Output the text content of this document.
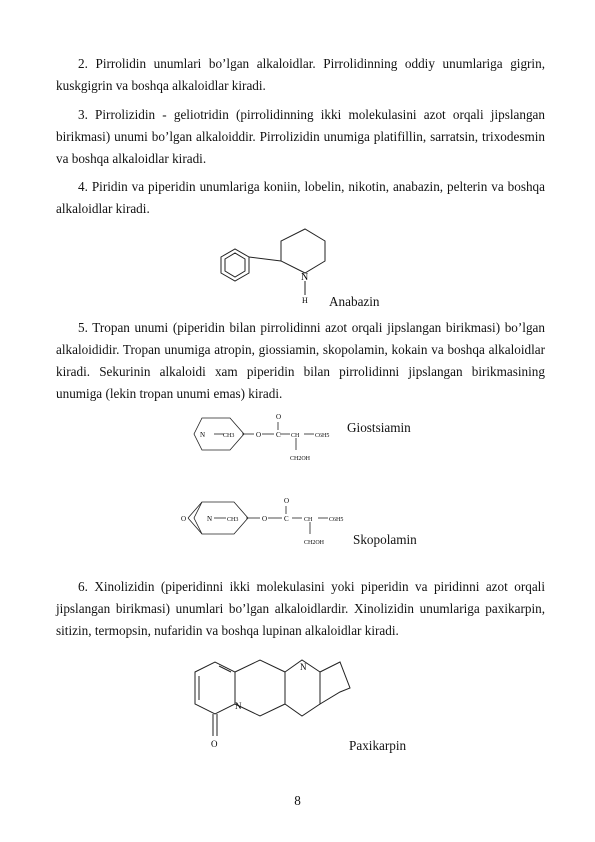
2. Pirrolidin unumlari bo’lgan alkaloidlar. Pirrolidinning oddiy unumlariga gigrin, kuskgigrin va boshqa alkaloidlar kiradi.

3. Pirrolizidin - geliotridin (pirrolidinning ikki molekulasini azot orqali jipslangan birikmasi) unumi bo’lgan alkaloiddir. Pirrolizidin unumiga platifillin, sarratsin, trixodesmin va boshqa alkaloidlar kiradi.

4. Piridin va piperidin unumlariga koniin, lobelin, nikotin, anabazin, pelterin va boshqa alkaloidlar kiradi.

N
H Anabazin

5. Tropan unumi (piperidin bilan pirrolidinni azot orqali jipslangan birikmasi) bo’lgan alkaloididir. Tropan unumiga atropin, giossiamin, skopolamin, kokain va boshqa alkaloidlar kiradi. Sekurinin alkaloidi xam piperidin bilan pirrolidinni jipslangan birikmasining unumiga (lekin tropan unumi emas) kiradi.

N	CH3	O C
O
CH	C6H5
CH2OH
Giostsiamin
O	N CH3	O C
O
CH	C6H5
CH2OH Skopolamin

6. Xinolizidin (piperidinni ikki molekulasini yoki piperidin va piridinni azot orqali jipslangan birikmasi) unumlari bo’lgan alkaloidlardir. Xinolizidin unumlariga paxikarpin, sitizin, termopsin, nufaridin va boshqa lupinan alkaloidlar kiradi.

N
N
O	Paxikarpin
8
